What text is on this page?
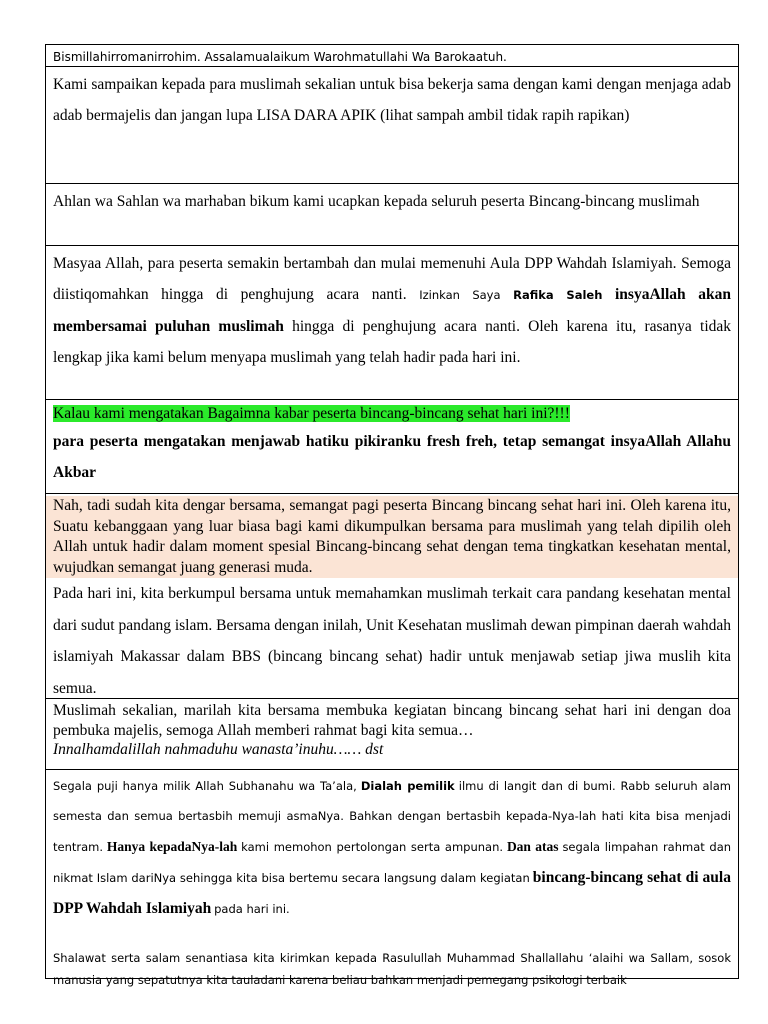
Bismillahirromanirrohim. Assalamualaikum Warohmatullahi Wa Barokaatuh.
Kami sampaikan kepada para muslimah sekalian untuk bisa bekerja sama dengan kami dengan menjaga adab adab bermajelis dan jangan lupa LISA DARA APIK (lihat sampah ambil tidak rapih rapikan)
Ahlan wa Sahlan wa marhaban bikum kami ucapkan kepada seluruh peserta Bincang-bincang muslimah
Masyaa Allah, para peserta semakin bertambah dan mulai memenuhi Aula DPP Wahdah Islamiyah. Semoga diistiqomahkan hingga di penghujung acara nanti. Izinkan Saya Rafika Saleh insyaAllah akan membersamai puluhan muslimah hingga di penghujung acara nanti. Oleh karena itu, rasanya tidak lengkap jika kami belum menyapa muslimah yang telah hadir pada hari ini.
Kalau kami mengatakan Bagaimna kabar peserta bincang-bincang sehat hari ini?!!!
para peserta mengatakan menjawab hatiku pikiranku fresh freh, tetap semangat insyaAllah Allahu Akbar
Nah, tadi sudah kita dengar bersama, semangat pagi peserta Bincang bincang sehat hari ini. Oleh karena itu, Suatu kebanggaan yang luar biasa bagi kami dikumpulkan bersama para muslimah yang telah dipilih oleh Allah untuk hadir dalam moment spesial Bincang-bincang sehat dengan tema tingkatkan kesehatan mental, wujudkan semangat juang generasi muda.
Pada hari ini, kita berkumpul bersama untuk memahamkan muslimah terkait cara pandang kesehatan mental dari sudut pandang islam. Bersama dengan inilah, Unit Kesehatan muslimah dewan pimpinan daerah wahdah islamiyah Makassar dalam BBS (bincang bincang sehat) hadir untuk menjawab setiap jiwa muslih kita semua.
Muslimah sekalian, marilah kita bersama membuka kegiatan bincang bincang sehat hari ini dengan doa pembuka majelis, semoga Allah memberi rahmat bagi kita semua…
Innalhamdalillah nahmaduhu wanasta’inuhu…… dst
Segala puji hanya milik Allah Subhanahu wa Ta’ala, Dialah pemilik ilmu di langit dan di bumi. Rabb seluruh alam semesta dan semua bertasbih memuji asmaNya. Bahkan dengan bertasbih kepada-Nya-lah hati kita bisa menjadi tentram. Hanya kepadaNya-lah kami memohon pertolongan serta ampunan. Dan atas segala limpahan rahmat dan nikmat Islam dariNya sehingga kita bisa bertemu secara langsung dalam kegiatan bincang-bincang sehat di aula DPP Wahdah Islamiyah pada hari ini.
Shalawat serta salam senantiasa kita kirimkan kepada Rasulullah Muhammad Shallallahu ‘alaihi wa Sallam, sosok manusia yang sepatutnya kita tauladani karena beliau bahkan menjadi pemegang psikologi terbaik
